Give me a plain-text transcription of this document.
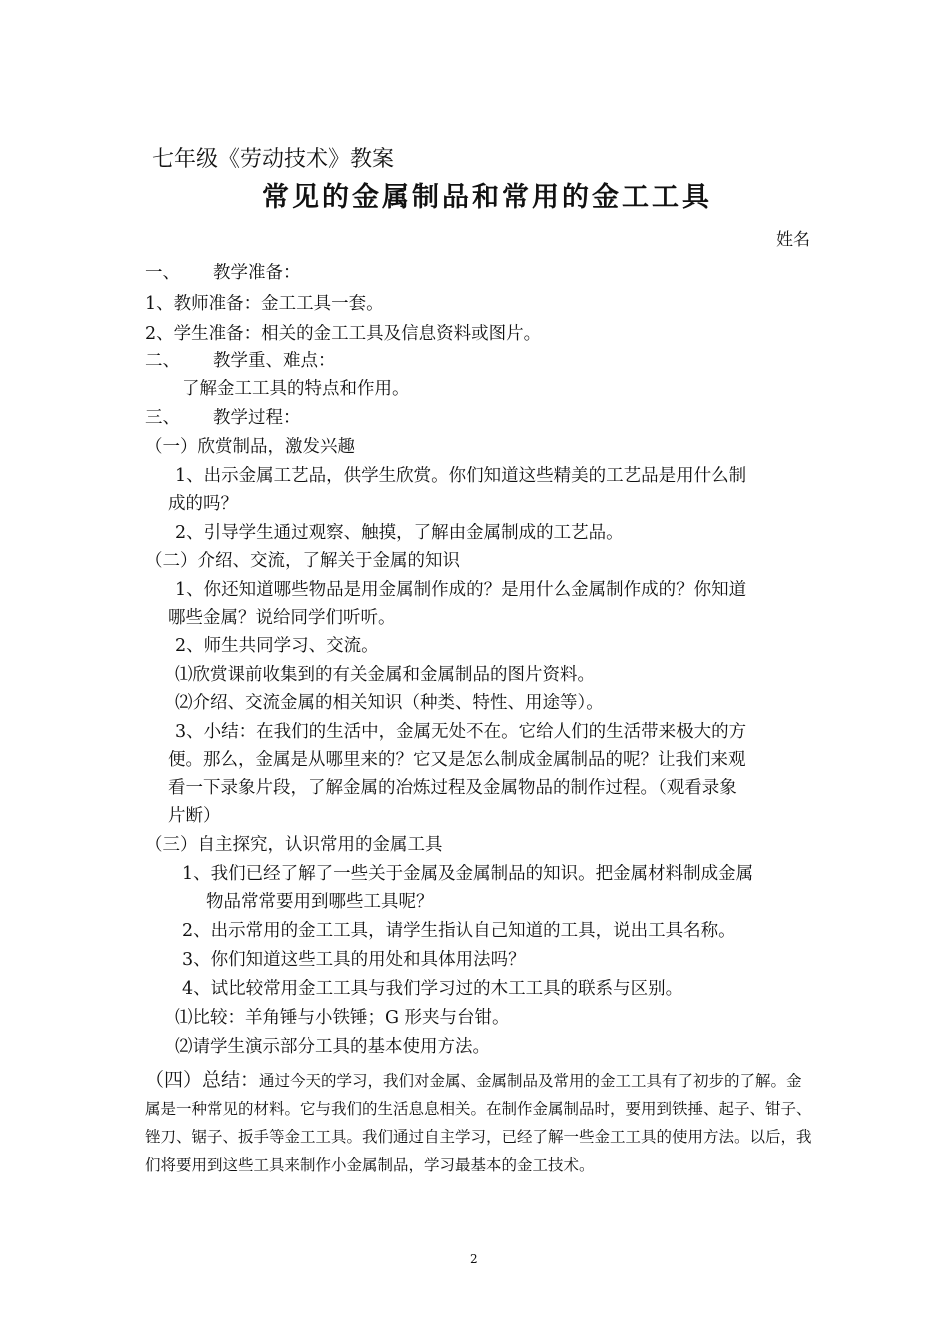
七年级《劳动技术》教案
常见的金属制品和常用的金工工具
姓名
一、 教学准备：
1、教师准备：金工工具一套。
2、学生准备：相关的金工工具及信息资料或图片。
二、 教学重、难点：
了解金工工具的特点和作用。
三、 教学过程：
（一）欣赏制品，激发兴趣
1、出示金属工艺品，供学生欣赏。你们知道这些精美的工艺品是用什么制
成的吗？
2、引导学生通过观察、触摸，了解由金属制成的工艺品。
（二）介绍、交流，了解关于金属的知识
1、你还知道哪些物品是用金属制作成的？是用什么金属制作成的？你知道
哪些金属？说给同学们听听。
2、师生共同学习、交流。
⑴欣赏课前收集到的有关金属和金属制品的图片资料。
⑵介绍、交流金属的相关知识（种类、特性、用途等）。
3、小结：在我们的生活中，金属无处不在。它给人们的生活带来极大的方
便。那么，金属是从哪里来的？它又是怎么制成金属制品的呢？让我们来观
看一下录象片段，了解金属的冶炼过程及金属物品的制作过程。（观看录象
片断）
（三）自主探究，认识常用的金属工具
1、我们已经了解了一些关于金属及金属制品的知识。把金属材料制成金属
物品常常要用到哪些工具呢？
2、出示常用的金工工具，请学生指认自己知道的工具，说出工具名称。
3、你们知道这些工具的用处和具体用法吗？
4、试比较常用金工工具与我们学习过的木工工具的联系与区别。
⑴比较：羊角锤与小铁锤；G 形夹与台钳。
⑵请学生演示部分工具的基本使用方法。
（四）总结：通过今天的学习，我们对金属、金属制品及常用的金工工具有了初步的了解。金属是一种常见的材料。它与我们的生活息息相关。在制作金属制品时，要用到铁捶、起子、钳子、锉刀、锯子、扳手等金工工具。我们通过自主学习，已经了解一些金工工具的使用方法。以后，我们将要用到这些工具来制作小金属制品，学习最基本的金工技术。
2
